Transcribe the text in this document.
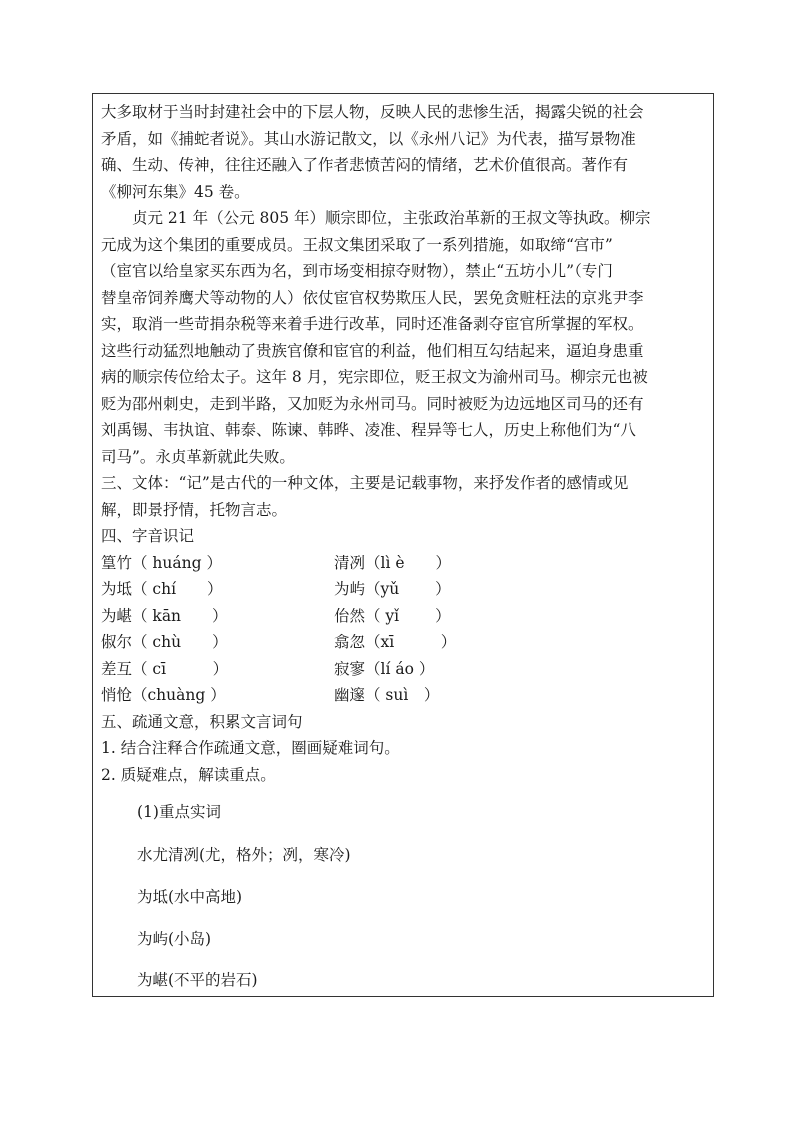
大多取材于当时封建社会中的下层人物，反映人民的悲惨生活，揭露尖锐的社会
矛盾，如《捕蛇者说》。其山水游记散文，以《永州八记》为代表，描写景物准
确、生动、传神，往往还融入了作者悲愤苦闷的情绪，艺术价值很高。著作有
《柳河东集》45 卷。
　　贞元 21 年（公元 805 年）顺宗即位，主张政治革新的王叔文等执政。柳宗
元成为这个集团的重要成员。王叔文集团采取了一系列措施，如取缔“宫市”
（宦官以给皇家买东西为名，到市场变相掠夺财物），禁止“五坊小儿”（专门
替皇帝饲养鹰犬等动物的人）依仗宦官权势欺压人民，罢免贪赃枉法的京兆尹李
实，取消一些苛捐杂税等来着手进行改革，同时还准备剥夺宦官所掌握的军权。
这些行动猛烈地触动了贵族官僚和宦官的利益，他们相互勾结起来，逼迫身患重
病的顺宗传位给太子。这年 8 月，宪宗即位，贬王叔文为渝州司马。柳宗元也被
贬为邵州刺史，走到半路，又加贬为永州司马。同时被贬为边远地区司马的还有
刘禹锡、韦执谊、韩泰、陈谏、韩晔、凌准、程异等七人，历史上称他们为“八
司马”。永贞革新就此失败。
三、文体：“记”是古代的一种文体，主要是记载事物，来抒发作者的感情或见
解，即景抒情，托物言志。
四、字音识记
篁竹（ huáng ）	清冽（lì è　　）
为坻（ chí　　）	为屿（yǔ　　 ）
为嵁（ kān　　）	佁然（ yǐ　　 ）
俶尔（ chù　　）	翕忽（xī　　　）
差互（ cī　　　）	寂寥（lí áo ）
悄怆（chuàng ）	幽邃（ suì　）
五、疏通文意，积累文言词句
1. 结合注释合作疏通文意，圈画疑难词句。
2. 质疑难点，解读重点。
(1)重点实词
水尤清冽(尤，格外；冽，寒冷)
为坻(水中高地)
为屿(小岛)
为嵁(不平的岩石)
